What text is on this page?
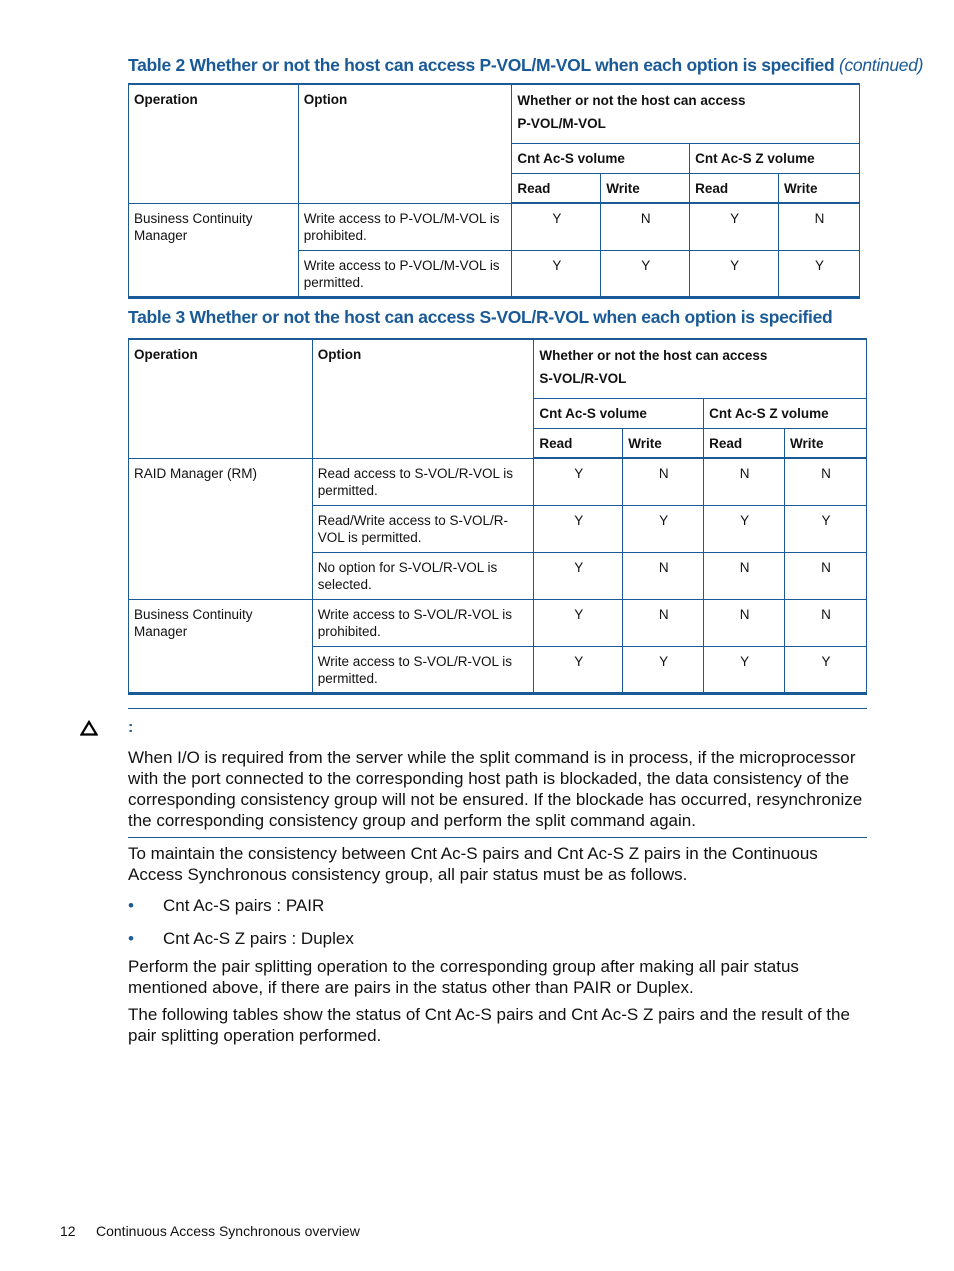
Table 2 Whether or not the host can access P-VOL/M-VOL when each option is specified (continued)
Operation	Option	Whether or not the host can access
P-VOL/M-VOL			
		Cnt Ac-S volume		Cnt Ac-S Z volume	
		Read	Write	Read	Write
Business Continuity Manager	Write access to P-VOL/M-VOL is prohibited.	Y	N	Y	N
	Write access to P-VOL/M-VOL is permitted.	Y	Y	Y	Y
Table 3 Whether or not the host can access S-VOL/R-VOL when each option is specified
Operation	Option	Whether or not the host can access
S-VOL/R-VOL			
		Cnt Ac-S volume		Cnt Ac-S Z volume	
		Read	Write	Read	Write
RAID Manager (RM)	Read access to S-VOL/R-VOL is permitted.	Y	N	N	N
	Read/Write access to S-VOL/R-VOL is permitted.	Y	Y	Y	Y
	No option for S-VOL/R-VOL is selected.	Y	N	N	N
Business Continuity Manager	Write access to S-VOL/R-VOL is prohibited.	Y	N	N	N
	Write access to S-VOL/R-VOL is permitted.	Y	Y	Y	Y
:
When I/O is required from the server while the split command is in process, if the microprocessor with the port connected to the corresponding host path is blockaded, the data consistency of the corresponding consistency group will not be ensured. If the blockade has occurred, resynchronize the corresponding consistency group and perform the split command again.
To maintain the consistency between Cnt Ac-S pairs and Cnt Ac-S Z pairs in the Continuous Access Synchronous consistency group, all pair status must be as follows.
• Cnt Ac-S pairs : PAIR
• Cnt Ac-S Z pairs : Duplex
Perform the pair splitting operation to the corresponding group after making all pair status mentioned above, if there are pairs in the status other than PAIR or Duplex.
The following tables show the status of Cnt Ac-S pairs and Cnt Ac-S Z pairs and the result of the pair splitting operation performed.
12 Continuous Access Synchronous overview
